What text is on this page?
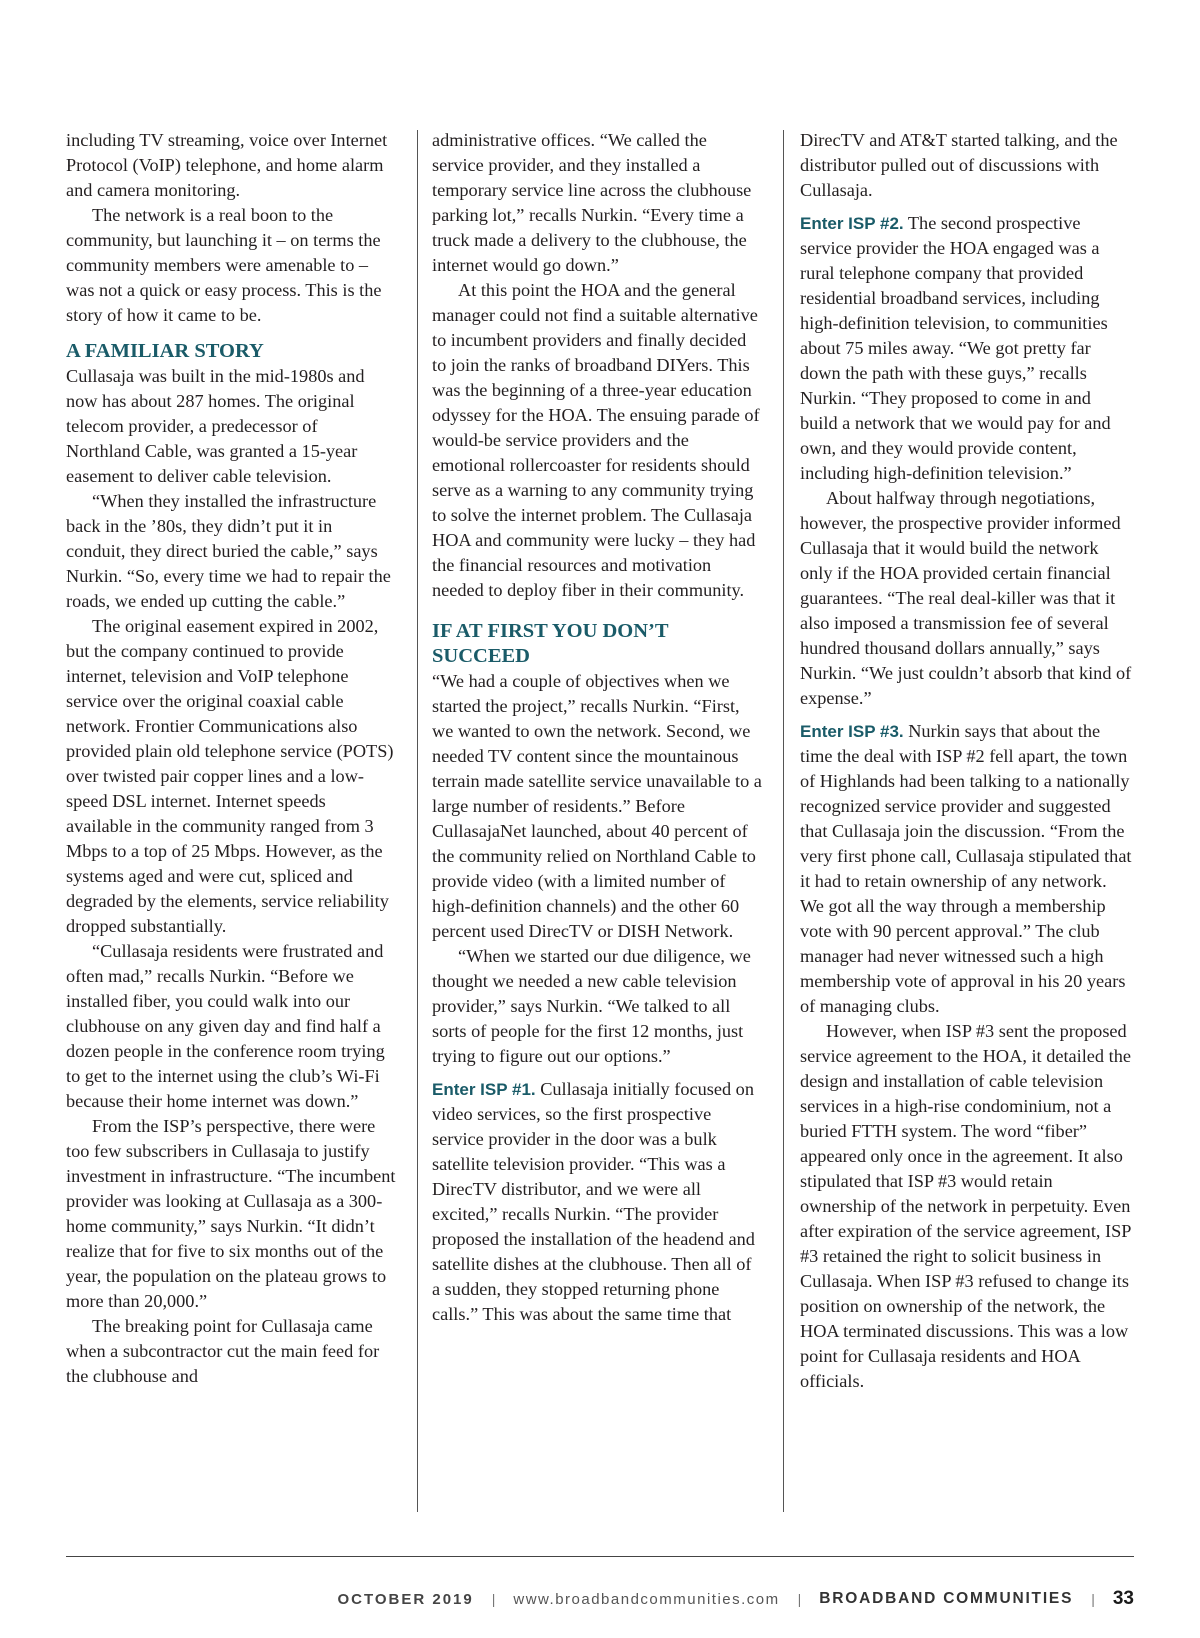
including TV streaming, voice over Internet Protocol (VoIP) telephone, and home alarm and camera monitoring.

The network is a real boon to the community, but launching it – on terms the community members were amenable to – was not a quick or easy process. This is the story of how it came to be.

A FAMILIAR STORY

Cullasaja was built in the mid-1980s and now has about 287 homes. The original telecom provider, a predecessor of Northland Cable, was granted a 15-year easement to deliver cable television.

“When they installed the infrastructure back in the ’80s, they didn’t put it in conduit, they direct buried the cable,” says Nurkin. “So, every time we had to repair the roads, we ended up cutting the cable.”

The original easement expired in 2002, but the company continued to provide internet, television and VoIP telephone service over the original coaxial cable network. Frontier Communications also provided plain old telephone service (POTS) over twisted pair copper lines and a low-speed DSL internet. Internet speeds available in the community ranged from 3 Mbps to a top of 25 Mbps. However, as the systems aged and were cut, spliced and degraded by the elements, service reliability dropped substantially.

“Cullasaja residents were frustrated and often mad,” recalls Nurkin. “Before we installed fiber, you could walk into our clubhouse on any given day and find half a dozen people in the conference room trying to get to the internet using the club’s Wi-Fi because their home internet was down.”

From the ISP’s perspective, there were too few subscribers in Cullasaja to justify investment in infrastructure. “The incumbent provider was looking at Cullasaja as a 300-home community,” says Nurkin. “It didn’t realize that for five to six months out of the year, the population on the plateau grows to more than 20,000.”

The breaking point for Cullasaja came when a subcontractor cut the main feed for the clubhouse and

administrative offices. “We called the service provider, and they installed a temporary service line across the clubhouse parking lot,” recalls Nurkin. “Every time a truck made a delivery to the clubhouse, the internet would go down.”

At this point the HOA and the general manager could not find a suitable alternative to incumbent providers and finally decided to join the ranks of broadband DIYers. This was the beginning of a three-year education odyssey for the HOA. The ensuing parade of would-be service providers and the emotional rollercoaster for residents should serve as a warning to any community trying to solve the internet problem. The Cullasaja HOA and community were lucky – they had the financial resources and motivation needed to deploy fiber in their community.

IF AT FIRST YOU DON’T SUCCEED

“We had a couple of objectives when we started the project,” recalls Nurkin. “First, we wanted to own the network. Second, we needed TV content since the mountainous terrain made satellite service unavailable to a large number of residents.” Before CullasajaNet launched, about 40 percent of the community relied on Northland Cable to provide video (with a limited number of high-definition channels) and the other 60 percent used DirecTV or DISH Network.

“When we started our due diligence, we thought we needed a new cable television provider,” says Nurkin. “We talked to all sorts of people for the first 12 months, just trying to figure out our options.”

Enter ISP #1. Cullasaja initially focused on video services, so the first prospective service provider in the door was a bulk satellite television provider. “This was a DirecTV distributor, and we were all excited,” recalls Nurkin. “The provider proposed the installation of the headend and satellite dishes at the clubhouse. Then all of a sudden, they stopped returning phone calls.” This was about the same time that

DirecTV and AT&T started talking, and the distributor pulled out of discussions with Cullasaja.

Enter ISP #2. The second prospective service provider the HOA engaged was a rural telephone company that provided residential broadband services, including high-definition television, to communities about 75 miles away. “We got pretty far down the path with these guys,” recalls Nurkin. “They proposed to come in and build a network that we would pay for and own, and they would provide content, including high-definition television.”

About halfway through negotiations, however, the prospective provider informed Cullasaja that it would build the network only if the HOA provided certain financial guarantees. “The real deal-killer was that it also imposed a transmission fee of several hundred thousand dollars annually,” says Nurkin. “We just couldn’t absorb that kind of expense.”

Enter ISP #3. Nurkin says that about the time the deal with ISP #2 fell apart, the town of Highlands had been talking to a nationally recognized service provider and suggested that Cullasaja join the discussion. “From the very first phone call, Cullasaja stipulated that it had to retain ownership of any network. We got all the way through a membership vote with 90 percent approval.” The club manager had never witnessed such a high membership vote of approval in his 20 years of managing clubs.

However, when ISP #3 sent the proposed service agreement to the HOA, it detailed the design and installation of cable television services in a high-rise condominium, not a buried FTTH system. The word “fiber” appeared only once in the agreement. It also stipulated that ISP #3 would retain ownership of the network in perpetuity. Even after expiration of the service agreement, ISP #3 retained the right to solicit business in Cullasaja. When ISP #3 refused to change its position on ownership of the network, the HOA terminated discussions. This was a low point for Cullasaja residents and HOA officials.

OCTOBER 2019 | www.broadbandcommunities.com | BROADBAND COMMUNITIES | 33
